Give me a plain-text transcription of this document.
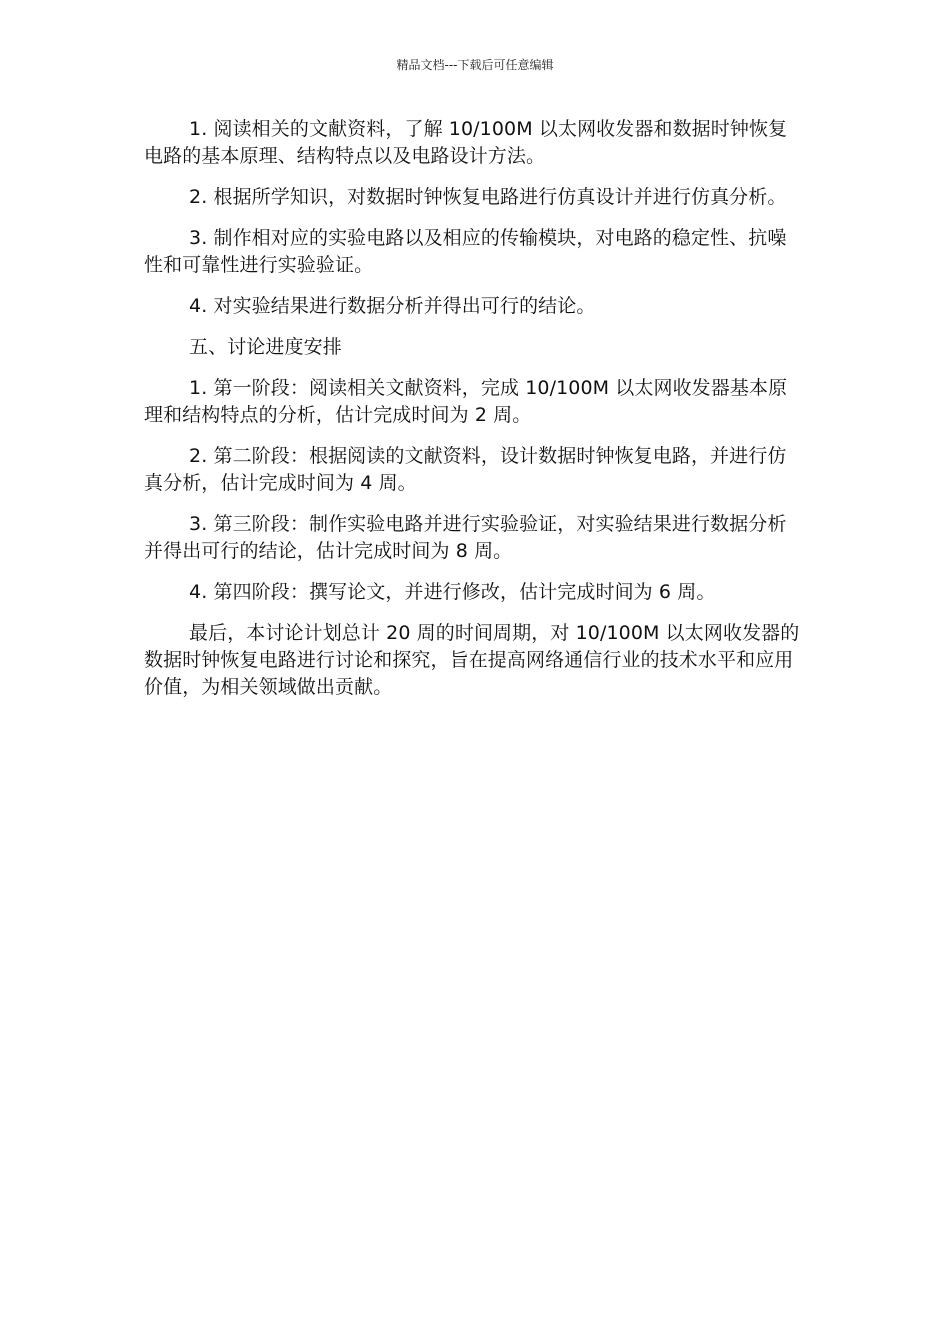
精品文档---下载后可任意编辑

1. 阅读相关的文献资料，了解 10/100M 以太网收发器和数据时钟恢复电路的基本原理、结构特点以及电路设计方法。

2. 根据所学知识，对数据时钟恢复电路进行仿真设计并进行仿真分析。

3. 制作相对应的实验电路以及相应的传输模块，对电路的稳定性、抗噪性和可靠性进行实验验证。

4. 对实验结果进行数据分析并得出可行的结论。

五、讨论进度安排

1. 第一阶段：阅读相关文献资料，完成 10/100M 以太网收发器基本原理和结构特点的分析，估计完成时间为 2 周。

2. 第二阶段：根据阅读的文献资料，设计数据时钟恢复电路，并进行仿真分析，估计完成时间为 4 周。

3. 第三阶段：制作实验电路并进行实验验证，对实验结果进行数据分析并得出可行的结论，估计完成时间为 8 周。

4. 第四阶段：撰写论文，并进行修改，估计完成时间为 6 周。

最后，本讨论计划总计 20 周的时间周期，对 10/100M 以太网收发器的数据时钟恢复电路进行讨论和探究，旨在提高网络通信行业的技术水平和应用价值，为相关领域做出贡献。
